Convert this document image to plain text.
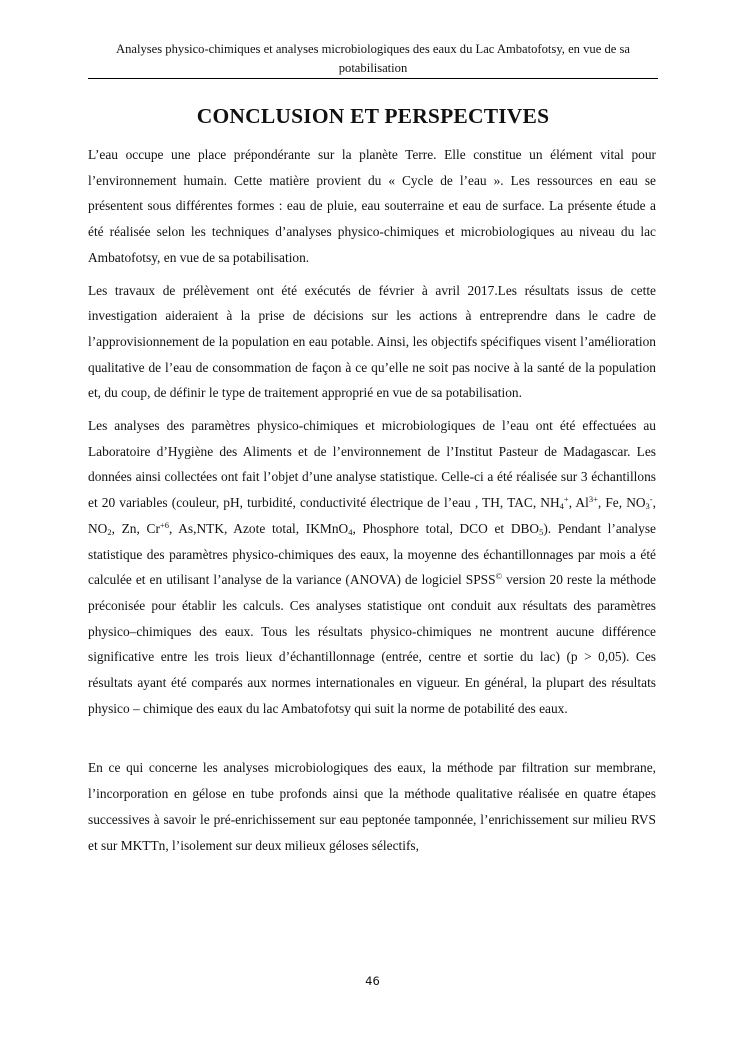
Analyses physico-chimiques et analyses microbiologiques des eaux du Lac Ambatofotsy, en vue de sa potabilisation
CONCLUSION ET PERSPECTIVES

L’eau occupe une place prépondérante sur la planète Terre. Elle constitue un élément vital pour l’environnement humain. Cette matière provient du « Cycle de l’eau ». Les ressources en eau se présentent sous différentes formes : eau de pluie, eau souterraine et eau de surface. La présente étude a été réalisée selon les techniques d’analyses physico-chimiques et microbiologiques au niveau du lac Ambatofotsy, en vue de sa potabilisation.

Les travaux de prélèvement ont été exécutés de février à avril 2017.Les résultats issus de cette investigation aideraient à la prise de décisions sur les actions à entreprendre dans le cadre de l’approvisionnement de la population en eau potable. Ainsi, les objectifs spécifiques visent l’amélioration qualitative de l’eau de consommation de façon à ce qu’elle ne soit pas nocive à la santé de la population et, du coup, de définir le type de traitement approprié en vue de sa potabilisation.

Les analyses des paramètres physico-chimiques et microbiologiques de l’eau ont été effectuées au Laboratoire d’Hygiène des Aliments et de l’environnement de l’Institut Pasteur de Madagascar. Les données ainsi collectées ont fait l’objet d’une analyse statistique. Celle-ci a été réalisée sur 3 échantillons et 20 variables (couleur, pH, turbidité, conductivité électrique de l’eau , TH, TAC, $NH_4^+$, $Al^{3+}$, Fe, $NO_3^-$, $NO_2$, Zn, $Cr^{+6}$, As,NTK, Azote total, IKMnO$_4$, Phosphore total, DCO et $DBO_5$). Pendant l’analyse statistique des paramètres physico-chimiques des eaux, la moyenne des échantillonnages par mois a été calculée et en utilisant l’analyse de la variance (ANOVA) de logiciel SPSS© version 20 reste la méthode préconisée pour établir les calculs. Ces analyses statistique ont conduit aux résultats des paramètres physico–chimiques des eaux. Tous les résultats physico-chimiques ne montrent aucune différence significative entre les trois lieux d’échantillonnage (entrée, centre et sortie du lac) (p > 0,05). Ces résultats ayant été comparés aux normes internationales en vigueur. En général, la plupart des résultats physico – chimique des eaux du lac Ambatofotsy qui suit la norme de potabilité des eaux.

En ce qui concerne les analyses microbiologiques des eaux, la méthode par filtration sur membrane, l’incorporation en gélose en tube profonds ainsi que la méthode qualitative réalisée en quatre étapes successives à savoir le pré-enrichissement sur eau peptonée tamponnée, l’enrichissement sur milieu RVS et sur MKTTn, l’isolement sur deux milieux géloses sélectifs,

46
